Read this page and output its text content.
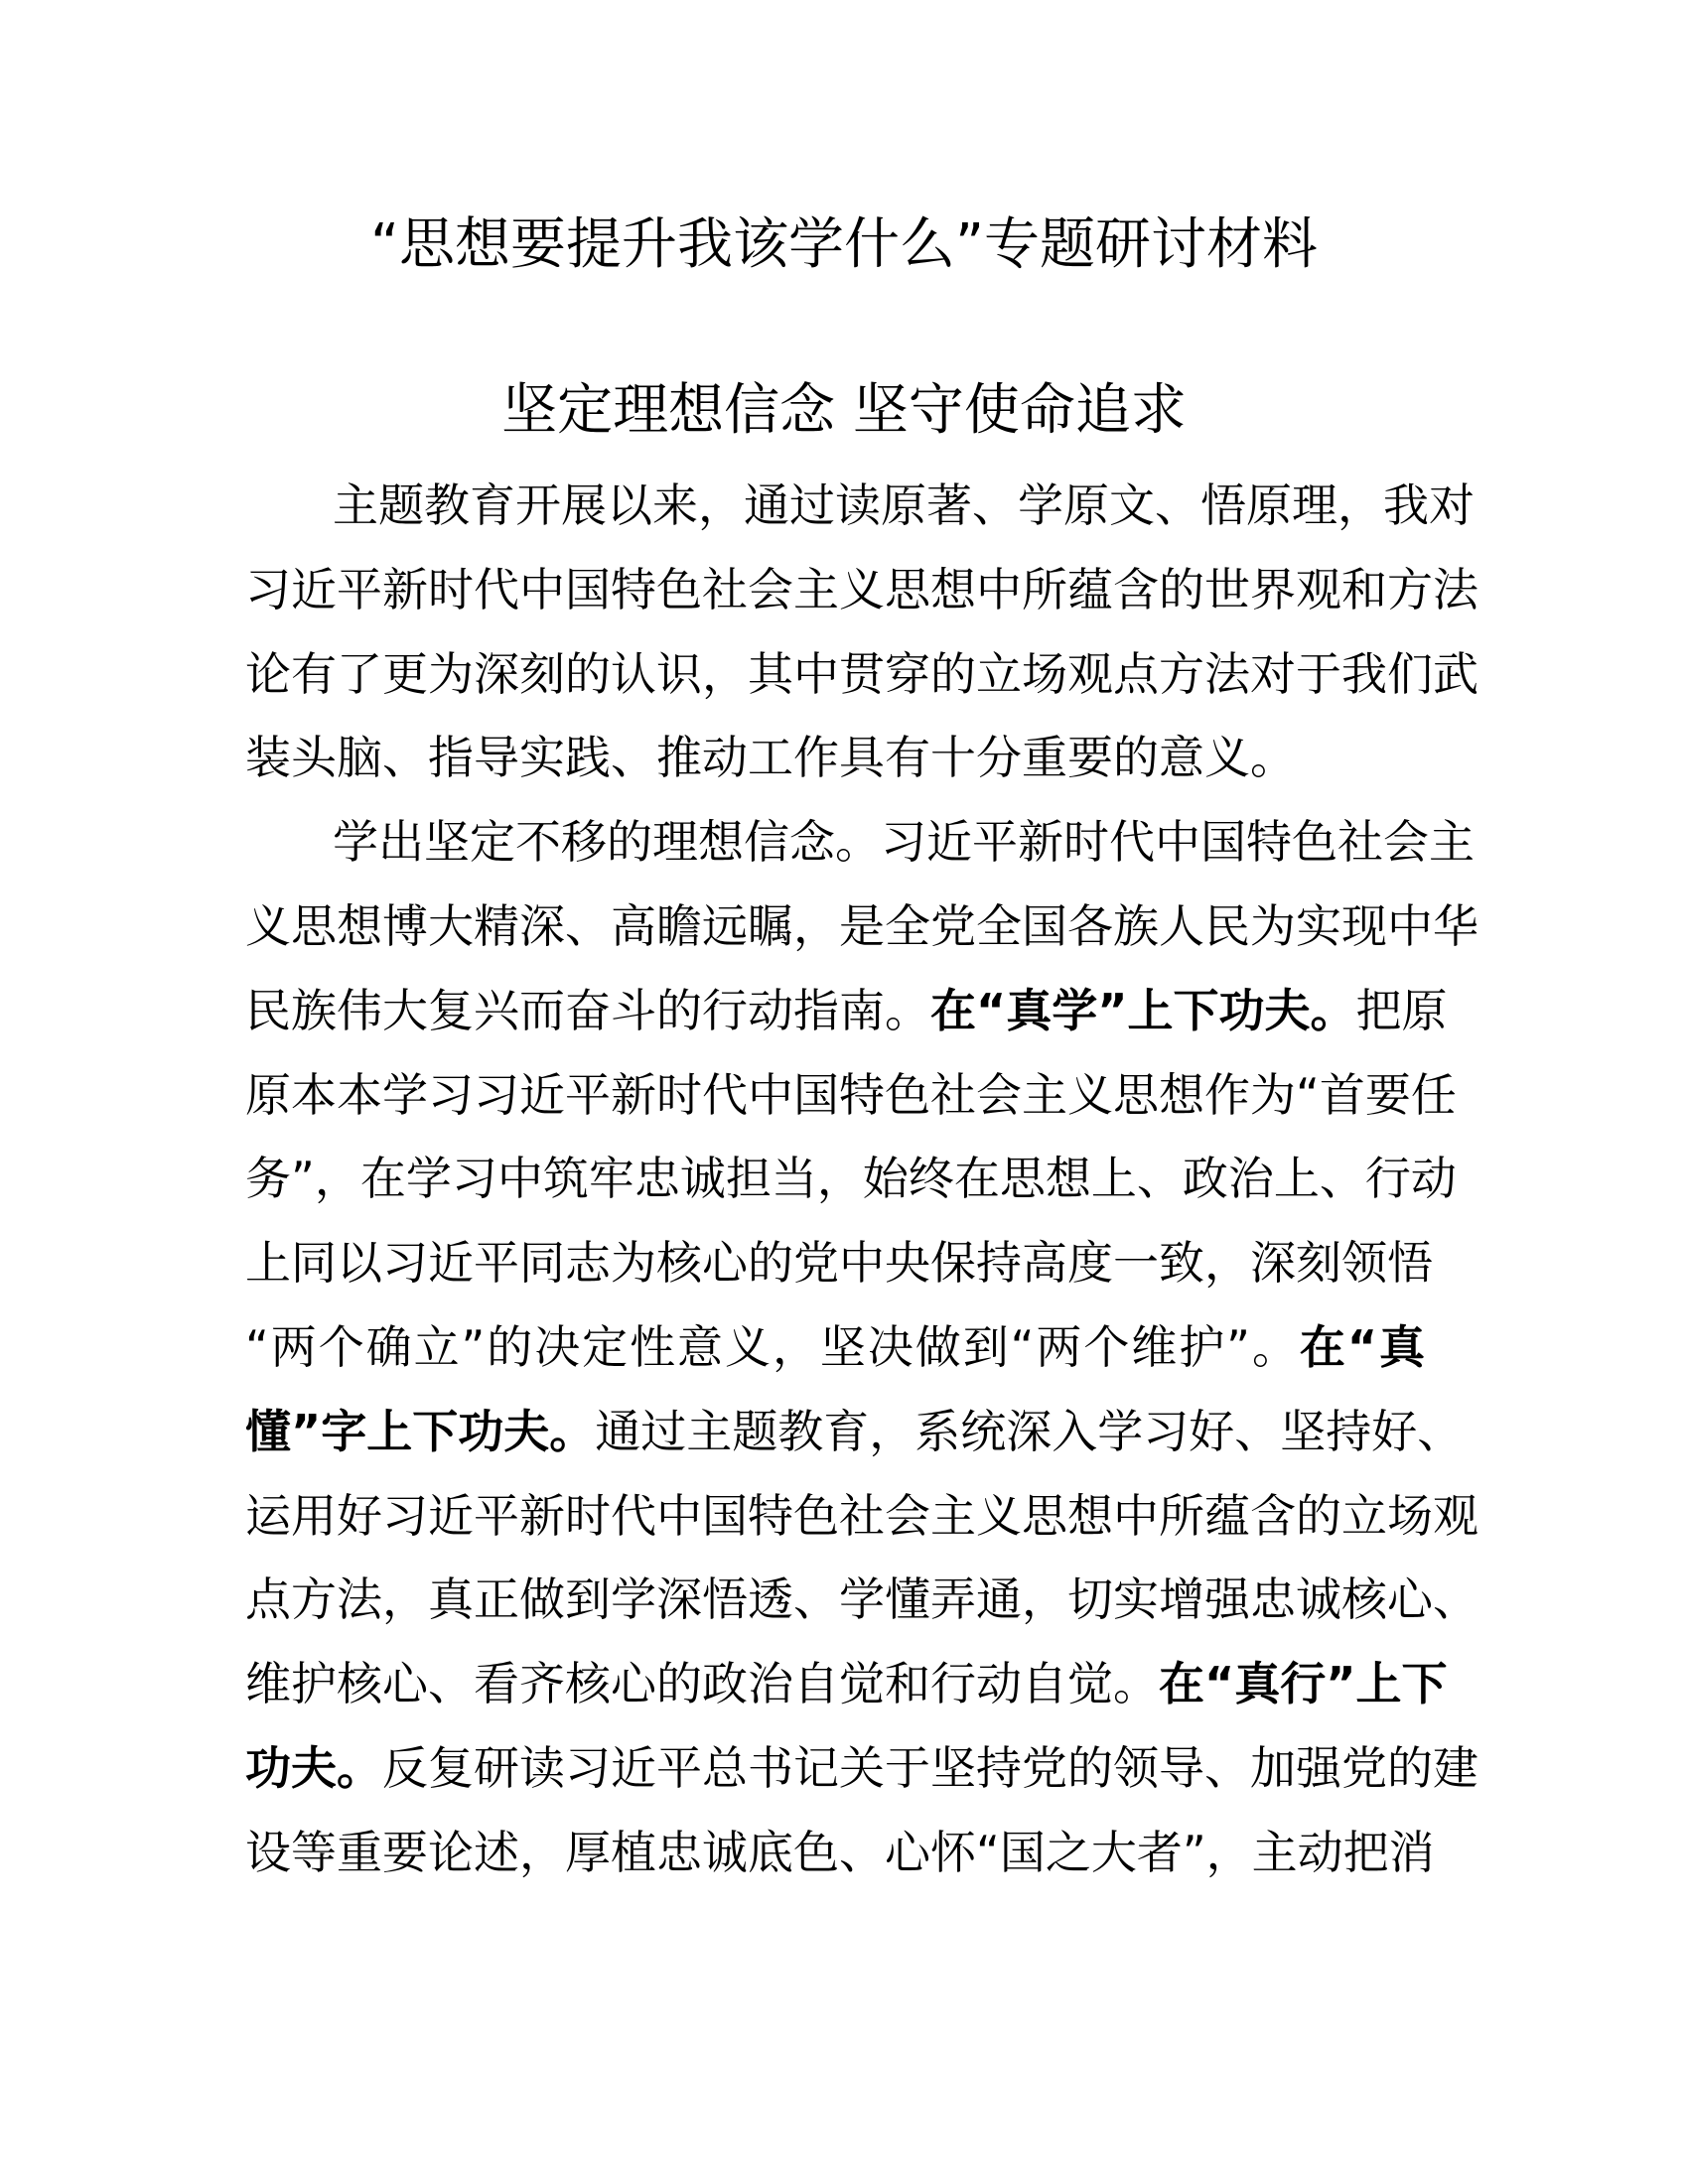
“思想要提升我该学什么”专题研讨材料
坚定理想信念 坚守使命追求
主题教育开展以来，通过读原著、学原文、悟原理，我对
习近平新时代中国特色社会主义思想中所蕴含的世界观和方法
论有了更为深刻的认识，其中贯穿的立场观点方法对于我们武
装头脑、指导实践、推动工作具有十分重要的意义。
学出坚定不移的理想信念。习近平新时代中国特色社会主
义思想博大精深、高瞻远瞩，是全党全国各族人民为实现中华
民族伟大复兴而奋斗的行动指南。在“真学”上下功夫。把原
原本本学习习近平新时代中国特色社会主义思想作为“首要任
务”，在学习中筑牢忠诚担当，始终在思想上、政治上、行动
上同以习近平同志为核心的党中央保持高度一致，深刻领悟
“两个确立”的决定性意义，坚决做到“两个维护”。在“真
懂”字上下功夫。通过主题教育，系统深入学习好、坚持好、
运用好习近平新时代中国特色社会主义思想中所蕴含的立场观
点方法，真正做到学深悟透、学懂弄通，切实增强忠诚核心、
维护核心、看齐核心的政治自觉和行动自觉。在“真行”上下
功夫。反复研读习近平总书记关于坚持党的领导、加强党的建
设等重要论述，厚植忠诚底色、心怀“国之大者”，主动把消
